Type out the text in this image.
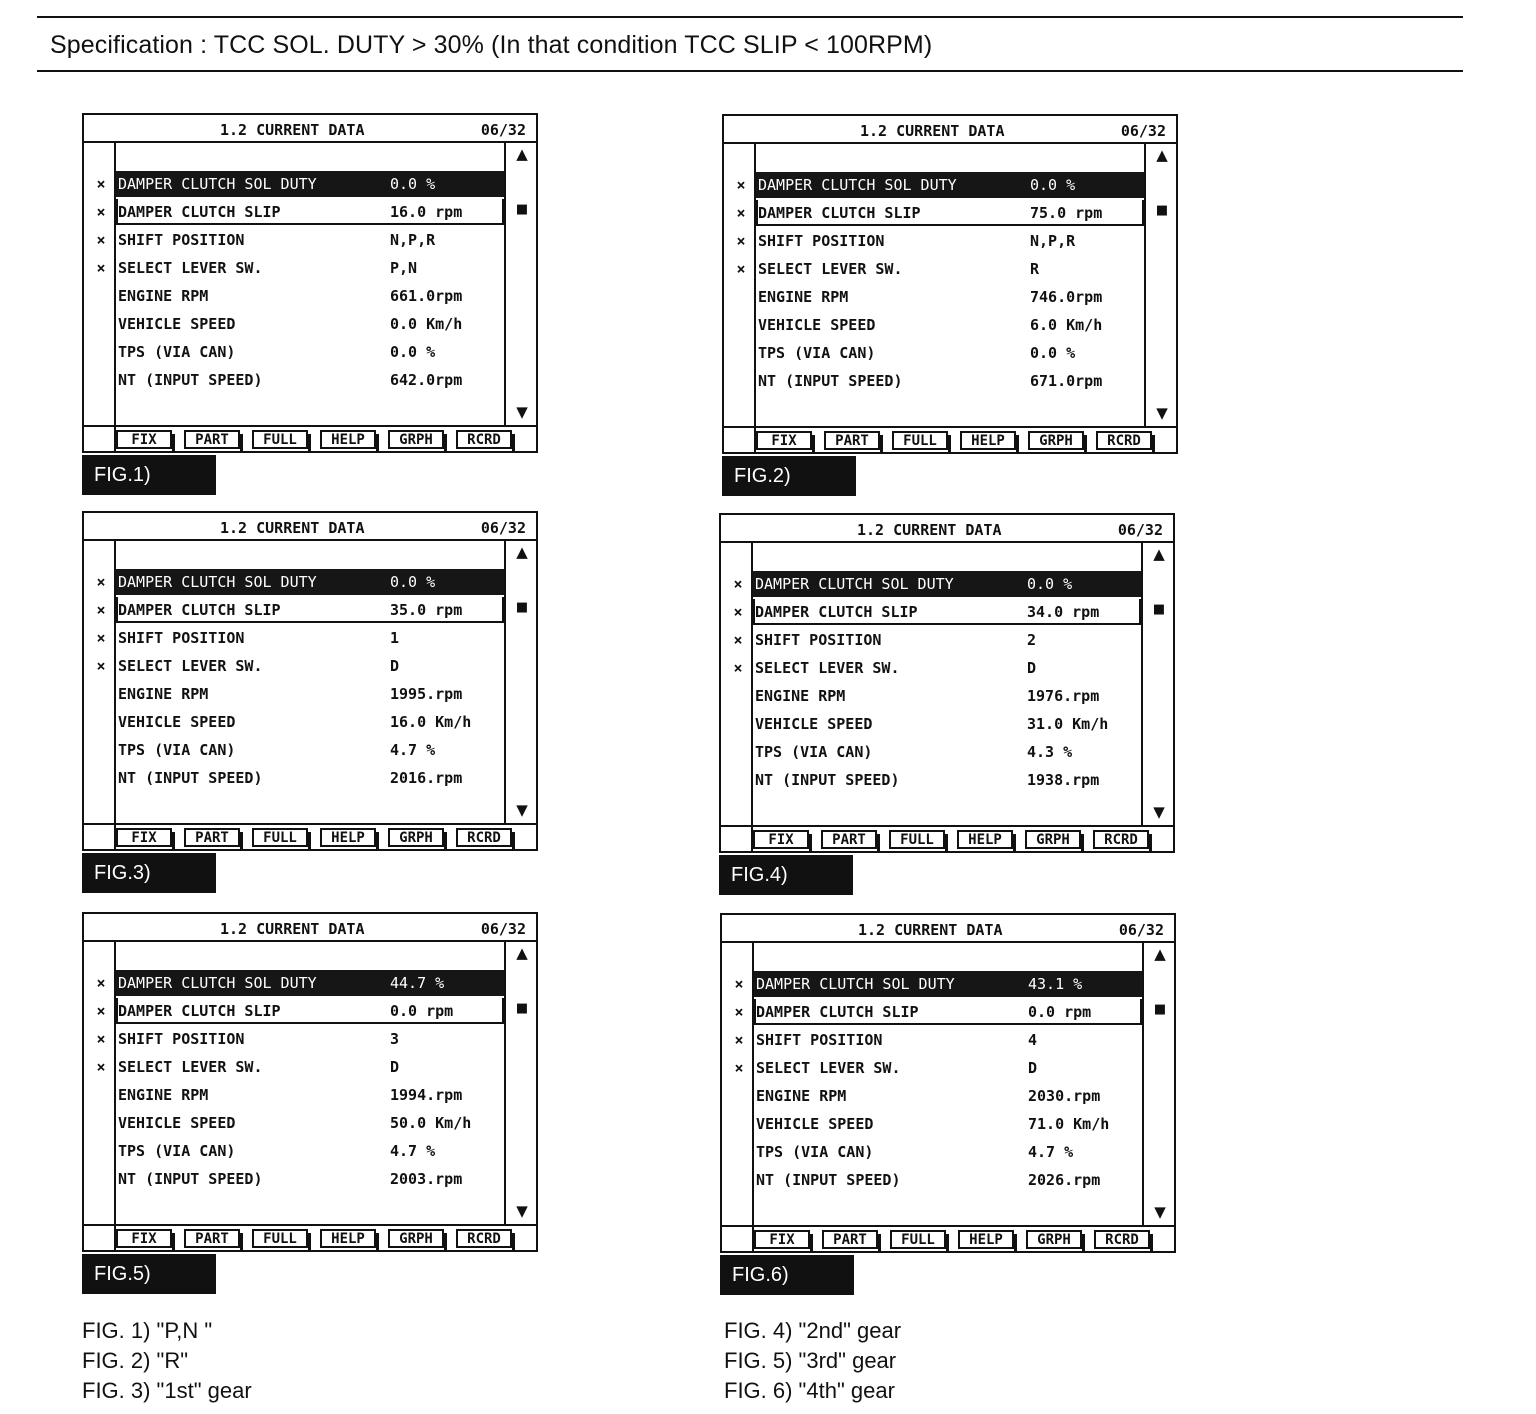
Specification : TCC SOL. DUTY > 30% (In that condition TCC SLIP < 100RPM)
1.2 CURRENT DATA	06/32
▲
■
▼
× DAMPER CLUTCH SOL DUTY	0.0 %
× DAMPER CLUTCH SLIP	16.0 rpm
× SHIFT POSITION	N,P,R
× SELECT LEVER SW.	P,N
ENGINE RPM	661.0rpm
VEHICLE SPEED	0.0 Km/h
TPS (VIA CAN)	0.0 %
NT (INPUT SPEED)	642.0rpm
FIX	PART	FULL	HELP	GRPH	RCRD
FIG.1)
1.2 CURRENT DATA	06/32
▲
■
▼
× DAMPER CLUTCH SOL DUTY	0.0 %
× DAMPER CLUTCH SLIP	75.0 rpm
× SHIFT POSITION	N,P,R
× SELECT LEVER SW.	R
ENGINE RPM	746.0rpm
VEHICLE SPEED	6.0 Km/h
TPS (VIA CAN)	0.0 %
NT (INPUT SPEED)	671.0rpm
FIX	PART	FULL	HELP	GRPH	RCRD
FIG.2)
1.2 CURRENT DATA	06/32
▲
■
▼
× DAMPER CLUTCH SOL DUTY	0.0 %
× DAMPER CLUTCH SLIP	35.0 rpm
× SHIFT POSITION	1
× SELECT LEVER SW.	D
ENGINE RPM	1995.rpm
VEHICLE SPEED	16.0 Km/h
TPS (VIA CAN)	4.7 %
NT (INPUT SPEED)	2016.rpm
FIX	PART	FULL	HELP	GRPH	RCRD
FIG.3)
1.2 CURRENT DATA	06/32
▲
■
▼
× DAMPER CLUTCH SOL DUTY	0.0 %
× DAMPER CLUTCH SLIP	34.0 rpm
× SHIFT POSITION	2
× SELECT LEVER SW.	D
ENGINE RPM	1976.rpm
VEHICLE SPEED	31.0 Km/h
TPS (VIA CAN)	4.3 %
NT (INPUT SPEED)	1938.rpm
FIX	PART	FULL	HELP	GRPH	RCRD
FIG.4)
1.2 CURRENT DATA	06/32
▲
■
▼
× DAMPER CLUTCH SOL DUTY	44.7 %
× DAMPER CLUTCH SLIP	0.0 rpm
× SHIFT POSITION	3
× SELECT LEVER SW.	D
ENGINE RPM	1994.rpm
VEHICLE SPEED	50.0 Km/h
TPS (VIA CAN)	4.7 %
NT (INPUT SPEED)	2003.rpm
FIX	PART	FULL	HELP	GRPH	RCRD
FIG.5)
1.2 CURRENT DATA	06/32
▲
■
▼
× DAMPER CLUTCH SOL DUTY	43.1 %
× DAMPER CLUTCH SLIP	0.0 rpm
× SHIFT POSITION	4
× SELECT LEVER SW.	D
ENGINE RPM	2030.rpm
VEHICLE SPEED	71.0 Km/h
TPS (VIA CAN)	4.7 %
NT (INPUT SPEED)	2026.rpm
FIX	PART	FULL	HELP	GRPH	RCRD
FIG.6)
FIG. 1) "P,N "
FIG. 2) "R"
FIG. 3) "1st" gear
FIG. 4) "2nd" gear
FIG. 5) "3rd" gear
FIG. 6) "4th" gear
